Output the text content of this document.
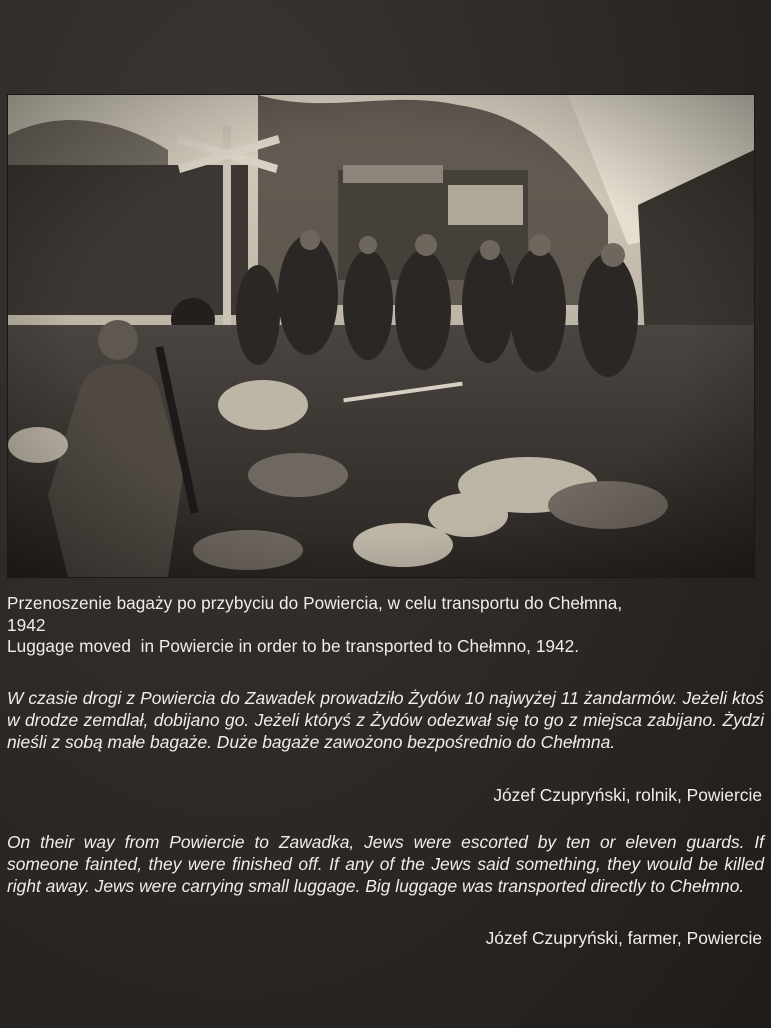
Przenoszenie bagaży po przybyciu do Powiercia, w celu transportu do Chełmna,
1942
Luggage moved  in Powiercie in order to be transported to Chełmno, 1942.
W czasie drogi z Powiercia do Zawadek prowadziło Żydów 10 najwyżej 11 żandarmów. Jeżeli ktoś w drodze zemdlał, dobijano go. Jeżeli któryś z Żydów odezwał się to go z miejsca zabijano. Żydzi nieśli z sobą małe bagaże. Duże bagaże zawożono bezpośrednio do Chełmna.
Józef Czupryński, rolnik, Powiercie
On their way from Powiercie to Zawadka, Jews were escorted by ten or eleven guards. If someone fainted, they were finished off. If any of the Jews said something, they would be killed right away. Jews were carrying small luggage. Big luggage was transported directly to Chełmno.
Józef Czupryński, farmer, Powiercie
